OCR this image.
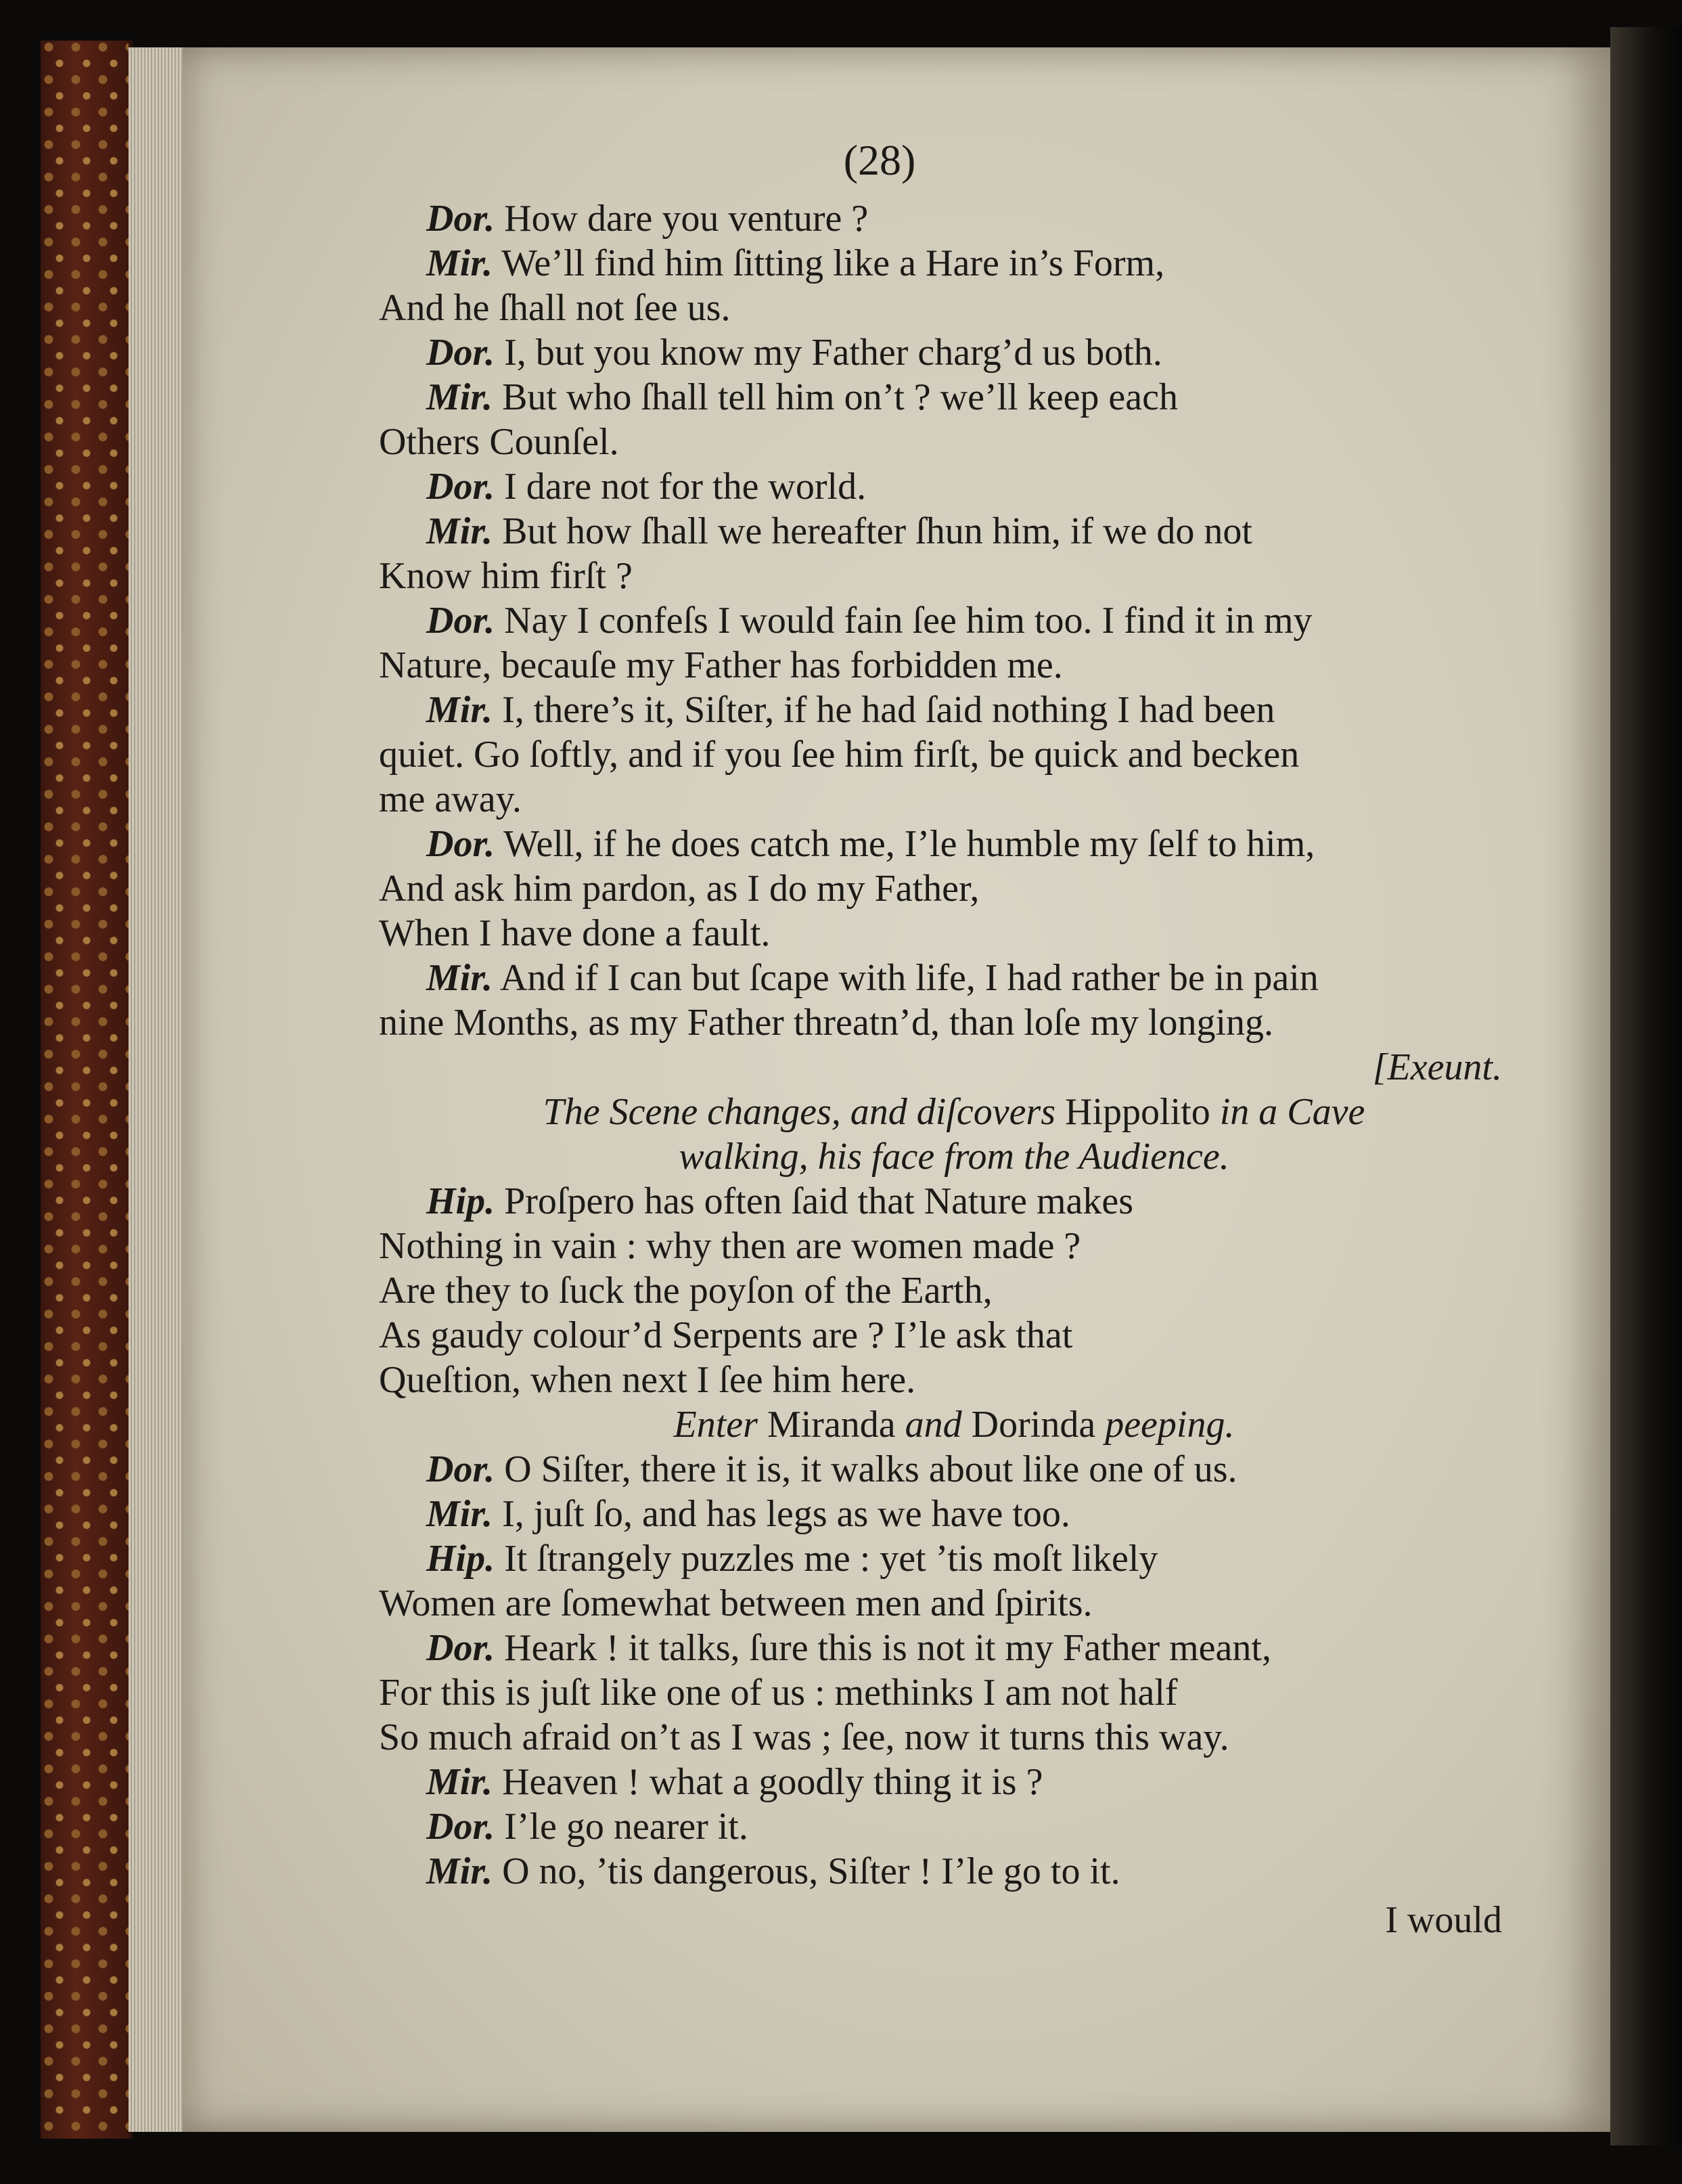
(28)
Dor. How dare you venture ?
Mir. We’ll find him ſitting like a Hare in’s Form,
And he ſhall not ſee us.
Dor. I, but you know my Father charg’d us both.
Mir. But who ſhall tell him on’t ? we’ll keep each
Others Counſel.
Dor. I dare not for the world.
Mir. But how ſhall we hereafter ſhun him, if we do not
Know him firſt ?
Dor. Nay I confeſs I would fain ſee him too. I find it in my
Nature, becauſe my Father has forbidden me.
Mir. I, there’s it, Siſter, if he had ſaid nothing I had been
quiet. Go ſoftly, and if you ſee him firſt, be quick and becken
me away.
Dor. Well, if he does catch me, I’le humble my ſelf to him,
And ask him pardon, as I do my Father,
When I have done a fault.
Mir. And if I can but ſcape with life, I had rather be in pain
nine Months, as my Father threatn’d, than loſe my longing.
[Exeunt.
The Scene changes, and diſcovers Hippolito in a Cave
walking, his face from the Audience.
Hip. Proſpero has often ſaid that Nature makes
Nothing in vain : why then are women made ?
Are they to ſuck the poyſon of the Earth,
As gaudy colour’d Serpents are ? I’le ask that
Queſtion, when next I ſee him here.
Enter Miranda and Dorinda peeping.
Dor. O Siſter, there it is, it walks about like one of us.
Mir. I, juſt ſo, and has legs as we have too.
Hip. It ſtrangely puzzles me : yet ’tis moſt likely
Women are ſomewhat between men and ſpirits.
Dor. Heark ! it talks, ſure this is not it my Father meant,
For this is juſt like one of us : methinks I am not half
So much afraid on’t as I was ; ſee, now it turns this way.
Mir. Heaven ! what a goodly thing it is ?
Dor. I’le go nearer it.
Mir. O no, ’tis dangerous, Siſter ! I’le go to it.
I would
